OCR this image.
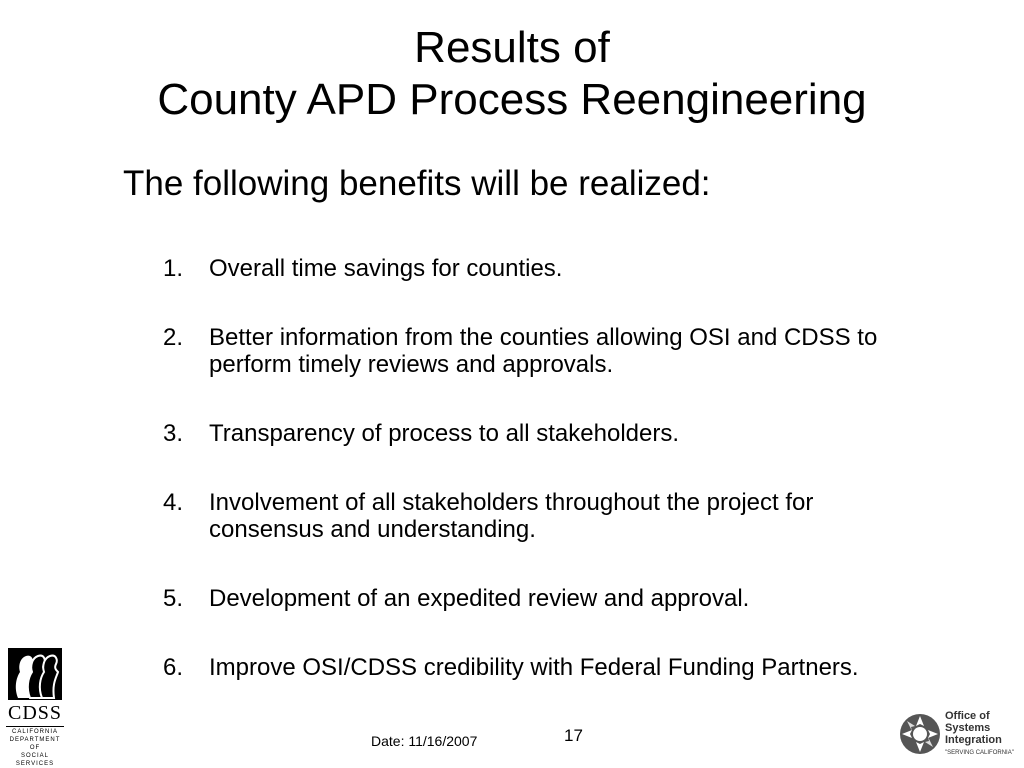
Results of
County APD Process Reengineering
The following benefits will be realized:
1.	Overall time savings for counties.
2.	Better information from the counties allowing OSI and CDSS to perform timely reviews and approvals.
3.	Transparency of process to all stakeholders.
4.	Involvement of all stakeholders throughout the project for consensus and understanding.
5.	Development of an expedited review and approval.
6.	Improve OSI/CDSS credibility with Federal Funding Partners.
CDSS
CALIFORNIA
DEPARTMENT OF
SOCIAL SERVICES
Date: 11/16/2007	17
Office of
Systems
Integration
"SERVING CALIFORNIA"
